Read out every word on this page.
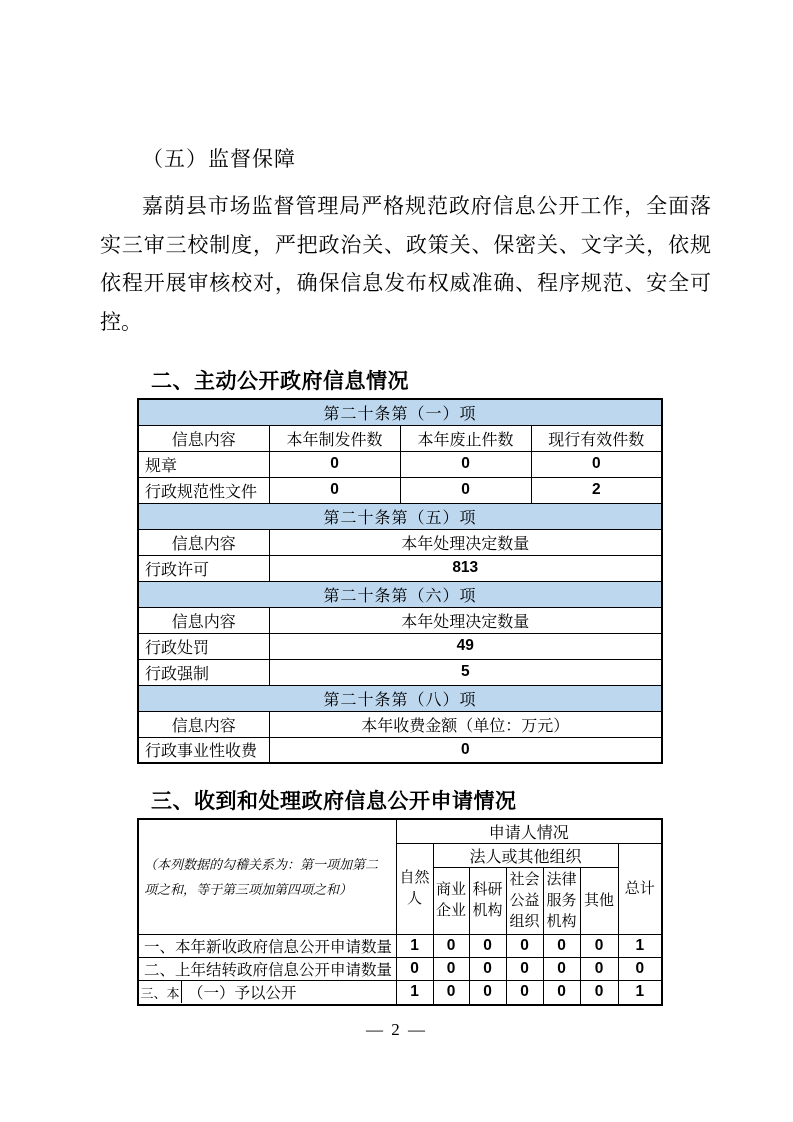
（五）监督保障
嘉荫县市场监督管理局严格规范政府信息公开工作，全面落
实三审三校制度，严把政治关、政策关、保密关、文字关，依规
依程开展审核校对，确保信息发布权威准确、程序规范、安全可
控。
二、主动公开政府信息情况
第二十条第（一）项			
信息内容	本年制发件数	本年废止件数	现行有效件数
规章	0	0	0
行政规范性文件	0	0	2
第二十条第（五）项			
信息内容	本年处理决定数量		
行政许可	813		
第二十条第（六）项			
信息内容	本年处理决定数量		
行政处罚	49		
行政强制	5		
第二十条第（八）项			
信息内容	本年收费金额（单位：万元）		
行政事业性收费	0		
三、收到和处理政府信息公开申请情况
（本列数据的勾稽关系为：第一项加第二项之和，等于第三项加第四项之和）	申请人情况						
	自然人	法人或其他组织					总计
		商业企业	科研机构	社会公益组织	法律服务机构	其他	
一、本年新收政府信息公开申请数量	1	0	0	0	0	0	1
二、上年结转政府信息公开申请数量	0	0	0	0	0	0	0

三、本 （一）予以公开	1	0	0	0	0	0	1
— 2 —
